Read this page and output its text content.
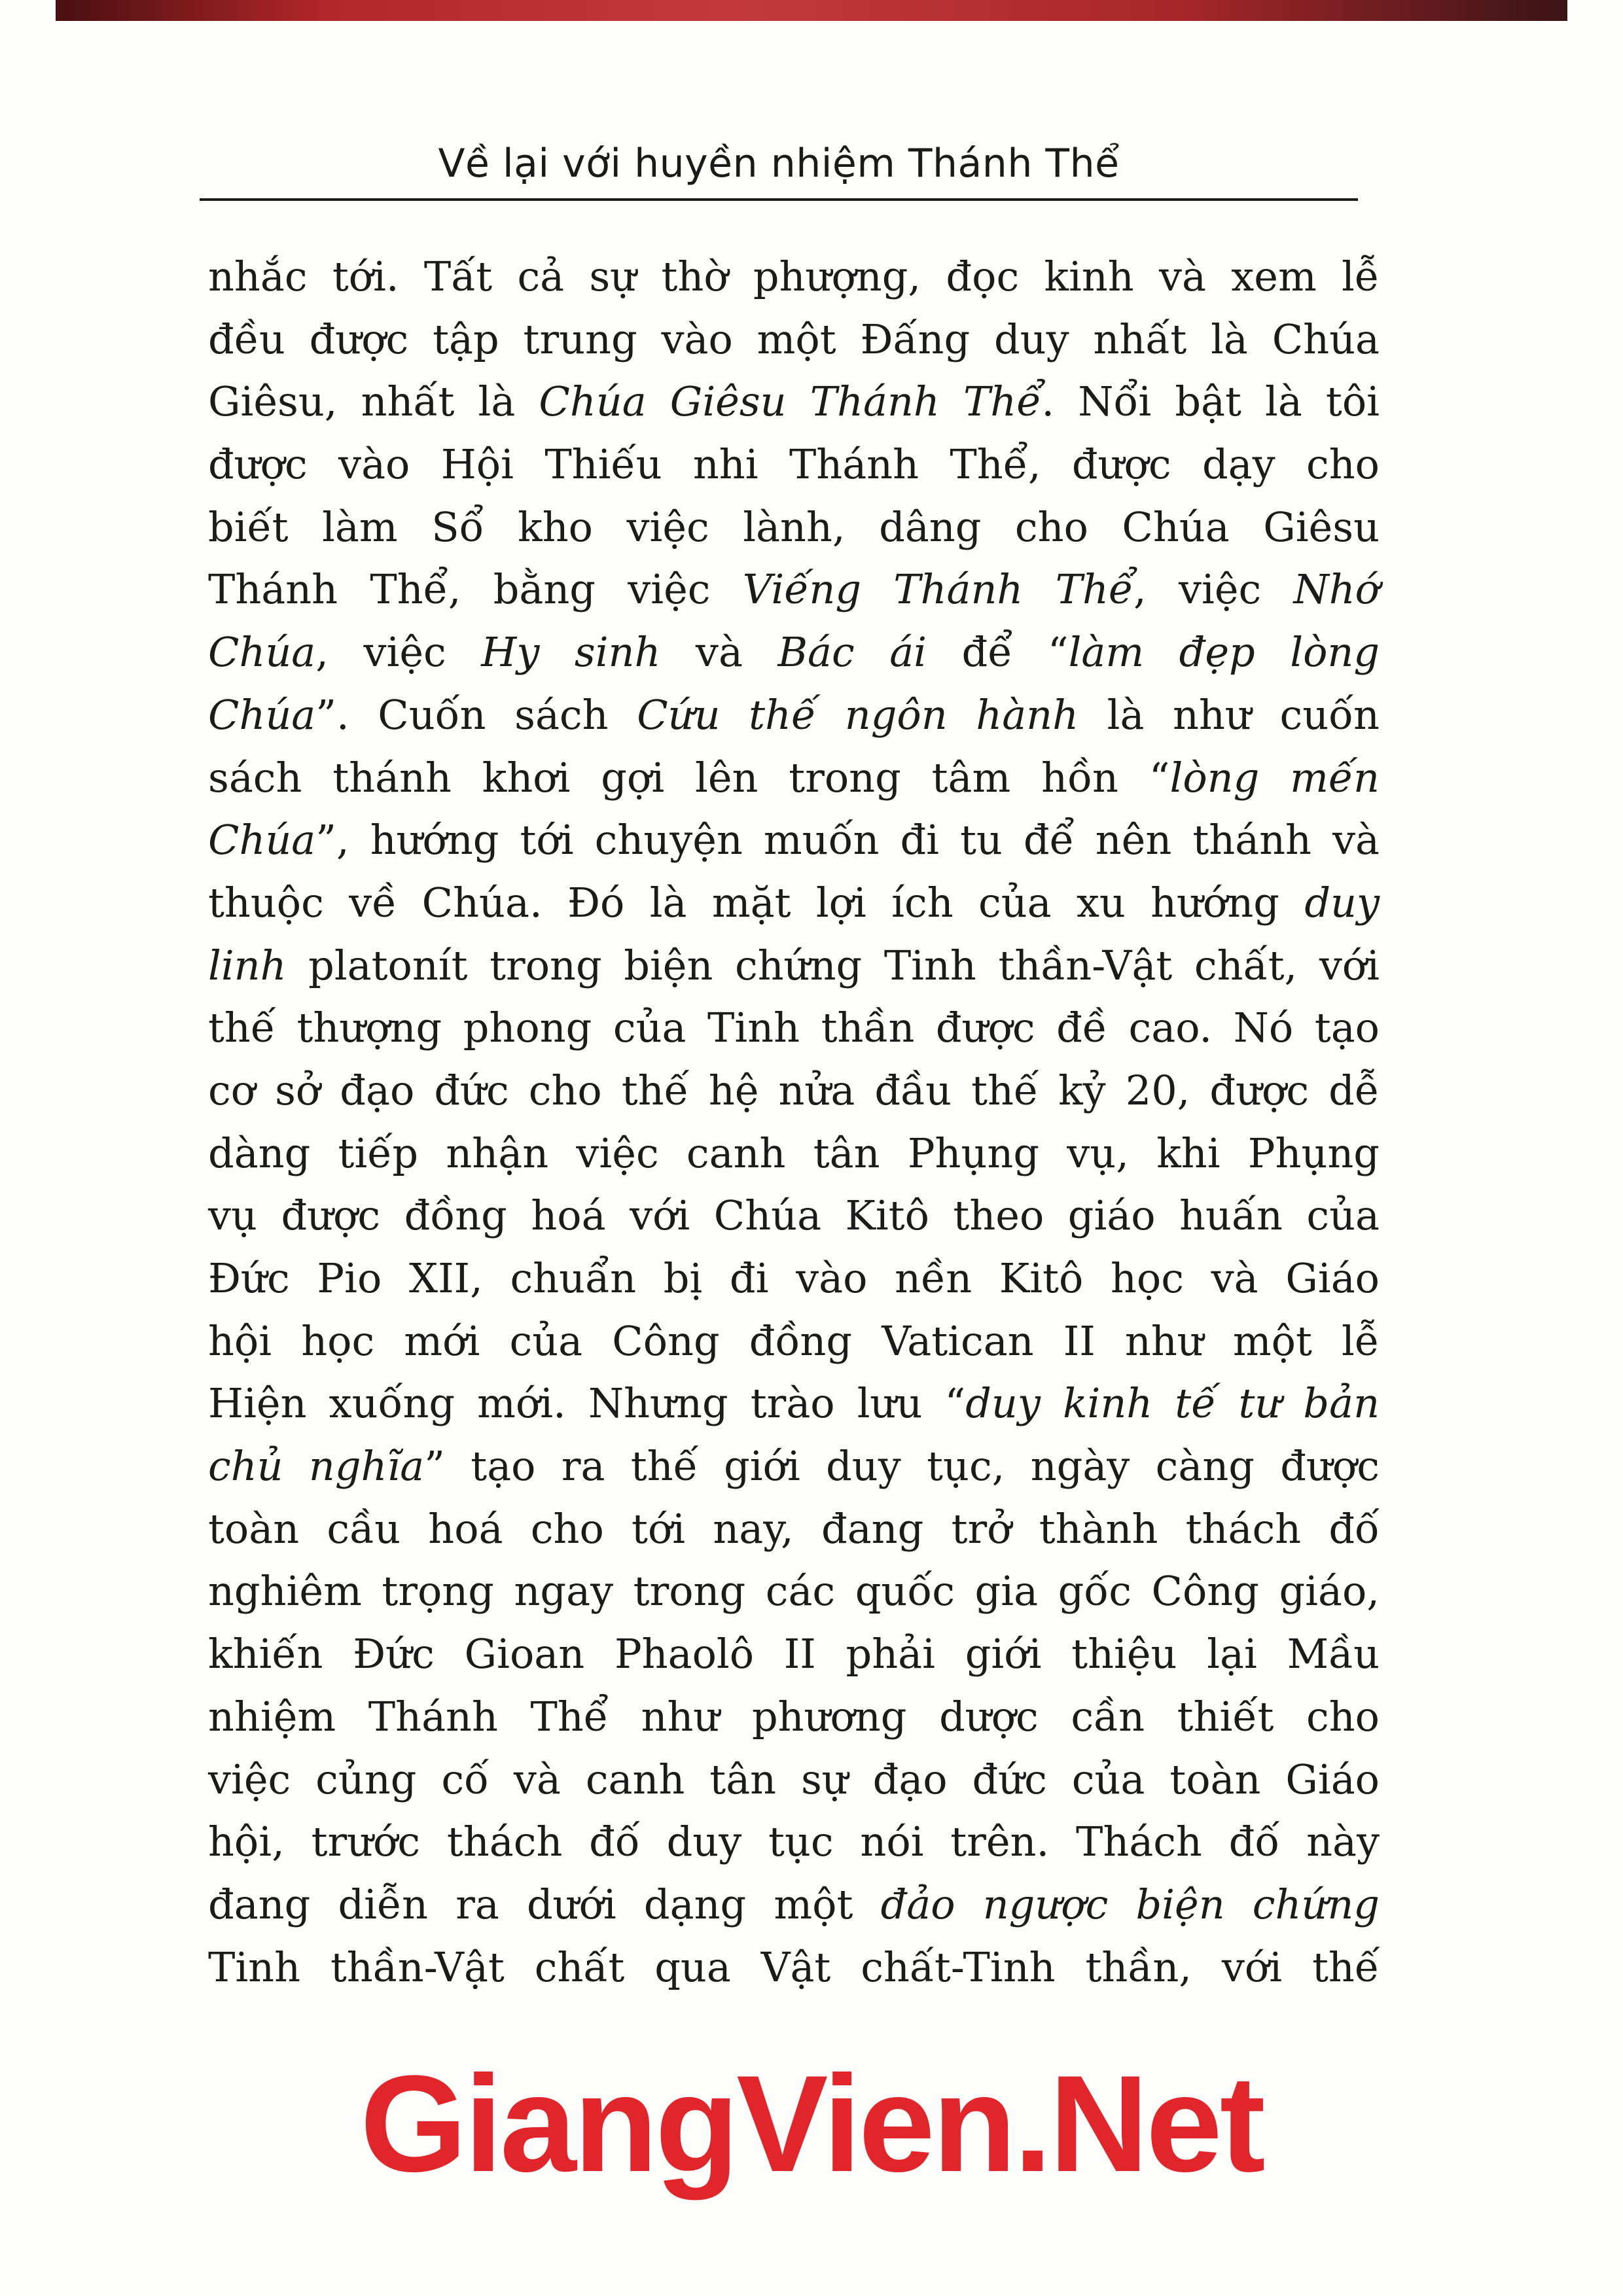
Về lại với huyền nhiệm Thánh Thể
nhắc tới. Tất cả sự thờ phượng, đọc kinh và xem lễ
đều được tập trung vào một Đấng duy nhất là Chúa
Giêsu, nhất là Chúa Giêsu Thánh Thể. Nổi bật là tôi
được vào Hội Thiếu nhi Thánh Thể, được dạy cho
biết làm Sổ kho việc lành, dâng cho Chúa Giêsu
Thánh Thể, bằng việc Viếng Thánh Thể, việc Nhớ
Chúa, việc Hy sinh và Bác ái để “làm đẹp lòng
Chúa”. Cuốn sách Cứu thế ngôn hành là như cuốn
sách thánh khơi gợi lên trong tâm hồn “lòng mến
Chúa”, hướng tới chuyện muốn đi tu để nên thánh và
thuộc về Chúa. Đó là mặt lợi ích của xu hướng duy
linh platonít trong biện chứng Tinh thần-Vật chất, với
thế thượng phong của Tinh thần được đề cao. Nó tạo
cơ sở đạo đức cho thế hệ nửa đầu thế kỷ 20, được dễ
dàng tiếp nhận việc canh tân Phụng vụ, khi Phụng
vụ được đồng hoá với Chúa Kitô theo giáo huấn của
Đức Pio XII, chuẩn bị đi vào nền Kitô học và Giáo
hội học mới của Công đồng Vatican II như một lễ
Hiện xuống mới. Nhưng trào lưu “duy kinh tế tư bản
chủ nghĩa” tạo ra thế giới duy tục, ngày càng được
toàn cầu hoá cho tới nay, đang trở thành thách đố
nghiêm trọng ngay trong các quốc gia gốc Công giáo,
khiến Đức Gioan Phaolô II phải giới thiệu lại Mầu
nhiệm Thánh Thể như phương dược cần thiết cho
việc củng cố và canh tân sự đạo đức của toàn Giáo
hội, trước thách đố duy tục nói trên. Thách đố này
đang diễn ra dưới dạng một đảo ngược biện chứng
Tinh thần-Vật chất qua Vật chất-Tinh thần, với thế
GiangVien.Net
